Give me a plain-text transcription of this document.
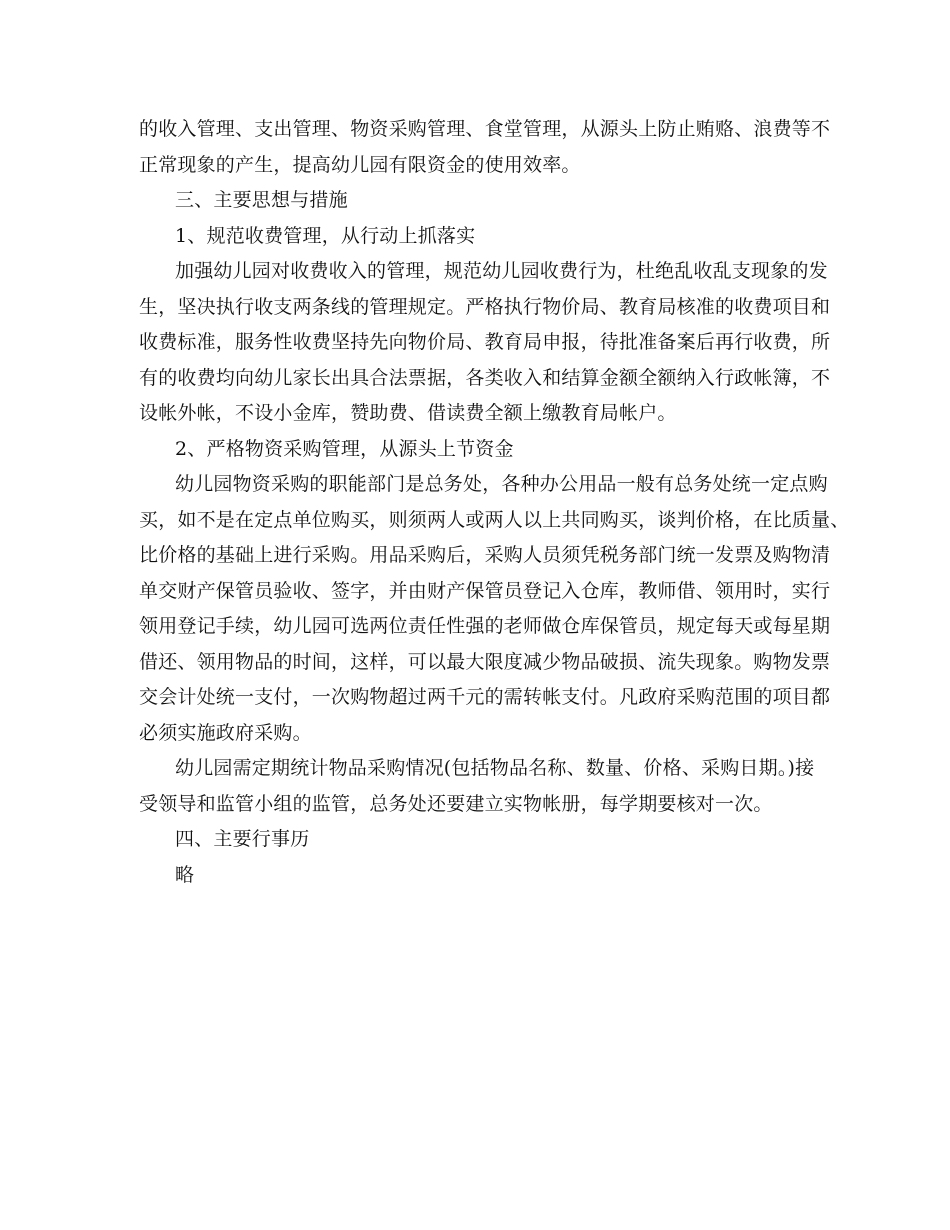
的收入管理、支出管理、物资采购管理、食堂管理，从源头上防止贿赂、浪费等不
正常现象的产生，提高幼儿园有限资金的使用效率。
三、主要思想与措施
1、规范收费管理，从行动上抓落实
加强幼儿园对收费收入的管理，规范幼儿园收费行为，杜绝乱收乱支现象的发
生，坚决执行收支两条线的管理规定。严格执行物价局、教育局核准的收费项目和
收费标准，服务性收费坚持先向物价局、教育局申报，待批准备案后再行收费，所
有的收费均向幼儿家长出具合法票据，各类收入和结算金额全额纳入行政帐簿，不
设帐外帐，不设小金库，赞助费、借读费全额上缴教育局帐户。
2、严格物资采购管理，从源头上节资金
幼儿园物资采购的职能部门是总务处，各种办公用品一般有总务处统一定点购
买，如不是在定点单位购买，则须两人或两人以上共同购买，谈判价格，在比质量、
比价格的基础上进行采购。用品采购后，采购人员须凭税务部门统一发票及购物清
单交财产保管员验收、签字，并由财产保管员登记入仓库，教师借、领用时，实行
领用登记手续，幼儿园可选两位责任性强的老师做仓库保管员，规定每天或每星期
借还、领用物品的时间，这样，可以最大限度减少物品破损、流失现象。购物发票
交会计处统一支付，一次购物超过两千元的需转帐支付。凡政府采购范围的项目都
必须实施政府采购。
幼儿园需定期统计物品采购情况(包括物品名称、数量、价格、采购日期。)接
受领导和监管小组的监管，总务处还要建立实物帐册，每学期要核对一次。
四、主要行事历
略
